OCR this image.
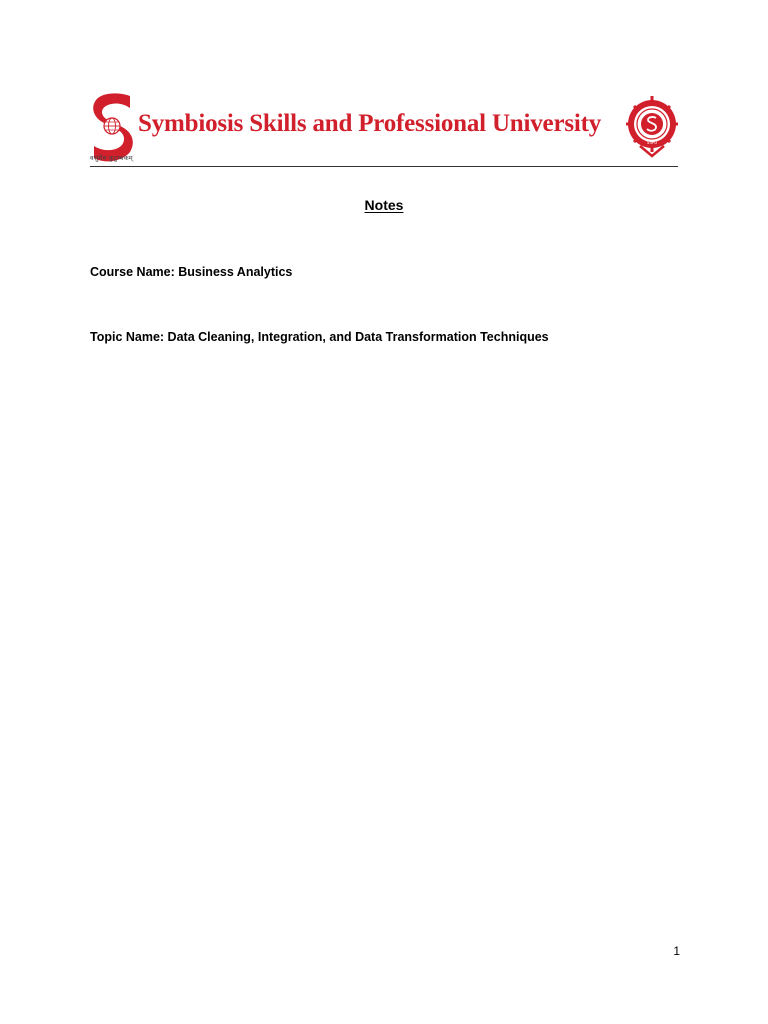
वसुधैव कुटुम्बकम्
Symbiosis Skills and Professional University
SSPU
Notes
Course Name: Business Analytics
Topic Name: Data Cleaning, Integration, and Data Transformation Techniques
1
